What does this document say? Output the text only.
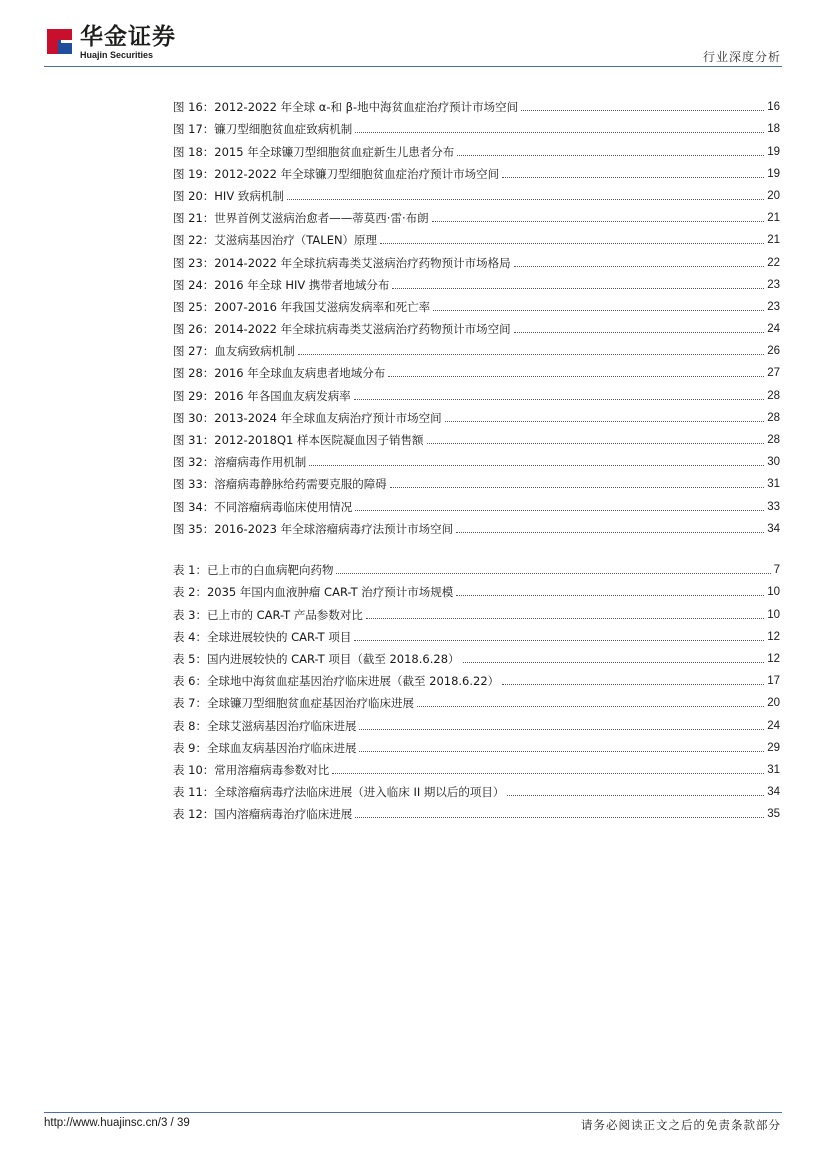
华金证券
Huajin Securities	行业深度分析
图 16：2012-2022 年全球 α-和 β-地中海贫血症治疗预计市场空间	16
图 17：镰刀型细胞贫血症致病机制	18
图 18：2015 年全球镰刀型细胞贫血症新生儿患者分布	19
图 19：2012-2022 年全球镰刀型细胞贫血症治疗预计市场空间	19
图 20：HIV 致病机制	20
图 21：世界首例艾滋病治愈者——蒂莫西·雷·布朗	21
图 22：艾滋病基因治疗（TALEN）原理	21
图 23：2014-2022 年全球抗病毒类艾滋病治疗药物预计市场格局	22
图 24：2016 年全球 HIV 携带者地域分布	23
图 25：2007-2016 年我国艾滋病发病率和死亡率	23
图 26：2014-2022 年全球抗病毒类艾滋病治疗药物预计市场空间	24
图 27：血友病致病机制	26
图 28：2016 年全球血友病患者地域分布	27
图 29：2016 年各国血友病发病率	28
图 30：2013-2024 年全球血友病治疗预计市场空间	28
图 31：2012-2018Q1 样本医院凝血因子销售额	28
图 32：溶瘤病毒作用机制	30
图 33：溶瘤病毒静脉给药需要克服的障碍	31
图 34：不同溶瘤病毒临床使用情况	33
图 35：2016-2023 年全球溶瘤病毒疗法预计市场空间	34
表 1：已上市的白血病靶向药物	7
表 2：2035 年国内血液肿瘤 CAR-T 治疗预计市场规模	10
表 3：已上市的 CAR-T 产品参数对比	10
表 4：全球进展较快的 CAR-T 项目	12
表 5：国内进展较快的 CAR-T 项目（截至 2018.6.28）	12
表 6：全球地中海贫血症基因治疗临床进展（截至 2018.6.22）	17
表 7：全球镰刀型细胞贫血症基因治疗临床进展	20
表 8：全球艾滋病基因治疗临床进展	24
表 9：全球血友病基因治疗临床进展	29
表 10：常用溶瘤病毒参数对比	31
表 11：全球溶瘤病毒疗法临床进展（进入临床 II 期以后的项目）	34
表 12：国内溶瘤病毒治疗临床进展	35
http://www.huajinsc.cn/3 / 39	请务必阅读正文之后的免责条款部分
